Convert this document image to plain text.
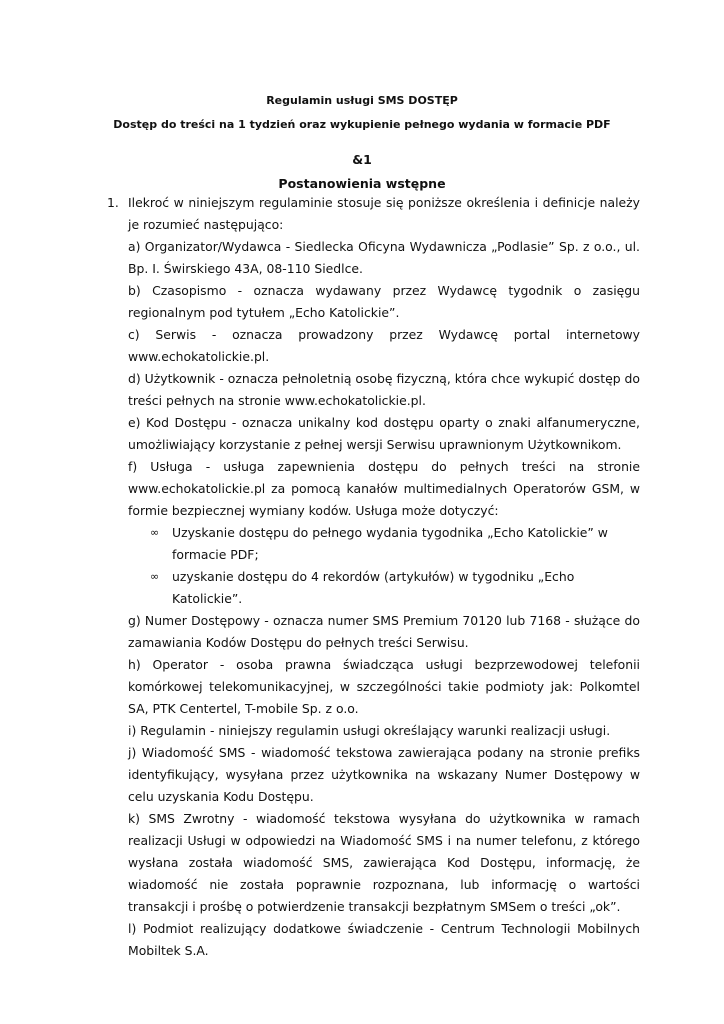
Regulamin usługi SMS DOSTĘP
Dostęp do treści na 1 tydzień oraz wykupienie pełnego wydania w formacie PDF
&1
Postanowienia wstępne
1. Ilekroć w niniejszym regulaminie stosuje się poniższe określenia i definicje należy je rozumieć następująco:

a) Organizator/Wydawca - Siedlecka Oficyna Wydawnicza „Podlasie” Sp. z o.o., ul. Bp. I. Świrskiego 43A, 08-110 Siedlce.

b) Czasopismo - oznacza wydawany przez Wydawcę tygodnik o zasięgu regionalnym pod tytułem „Echo Katolickie”.

c) Serwis - oznacza prowadzony przez Wydawcę portal internetowy www.echokatolickie.pl.

d) Użytkownik - oznacza pełnoletnią osobę fizyczną, która chce wykupić dostęp do treści pełnych na stronie www.echokatolickie.pl.

e) Kod Dostępu - oznacza unikalny kod dostępu oparty o znaki alfanumeryczne, umożliwiający korzystanie z pełnej wersji Serwisu uprawnionym Użytkownikom.

f) Usługa - usługa zapewnienia dostępu do pełnych treści na stronie www.echokatolickie.pl za pomocą kanałów multimedialnych Operatorów GSM, w formie bezpiecznej wymiany kodów. Usługa może dotyczyć:

∞ Uzyskanie dostępu do pełnego wydania tygodnika „Echo Katolickie” w formacie PDF;
∞ uzyskanie dostępu do 4 rekordów (artykułów) w tygodniku „Echo Katolickie”.

g) Numer Dostępowy - oznacza numer SMS Premium 70120 lub 7168 - służące do zamawiania Kodów Dostępu do pełnych treści Serwisu.

h) Operator - osoba prawna świadcząca usługi bezprzewodowej telefonii komórkowej telekomunikacyjnej, w szczególności takie podmioty jak: Polkomtel SA, PTK Centertel, T-mobile Sp. z o.o.

i) Regulamin - niniejszy regulamin usługi określający warunki realizacji usługi.

j) Wiadomość SMS - wiadomość tekstowa zawierająca podany na stronie prefiks identyfikujący, wysyłana przez użytkownika na wskazany Numer Dostępowy w celu uzyskania Kodu Dostępu.

k) SMS Zwrotny - wiadomość tekstowa wysyłana do użytkownika w ramach realizacji Usługi w odpowiedzi na Wiadomość SMS i na numer telefonu, z którego wysłana została wiadomość SMS, zawierająca Kod Dostępu, informację, że wiadomość nie została poprawnie rozpoznana, lub informację o wartości transakcji i prośbę o potwierdzenie transakcji bezpłatnym SMSem o treści „ok”.

l) Podmiot realizujący dodatkowe świadczenie - Centrum Technologii Mobilnych Mobiltek S.A.
